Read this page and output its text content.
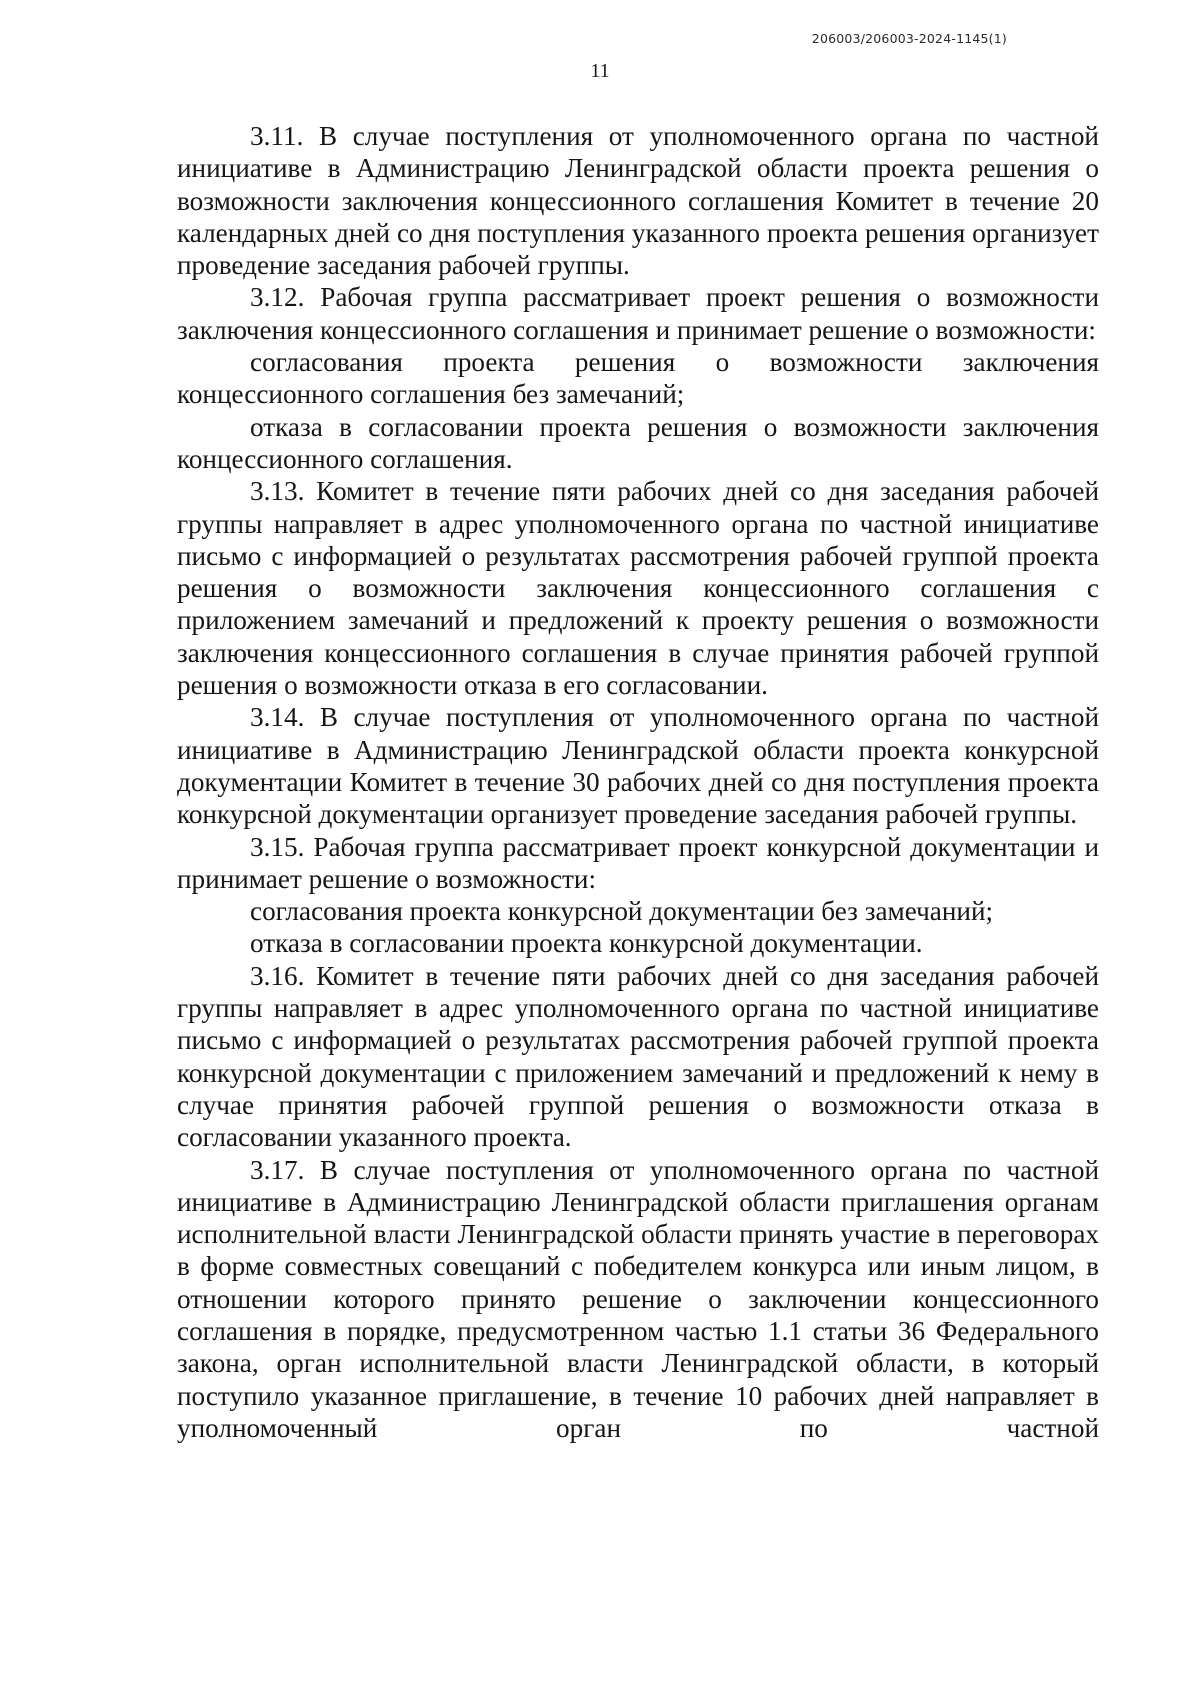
206003/206003-2024-1145(1)
11

3.11. В случае поступления от уполномоченного органа по частной инициативе в Администрацию Ленинградской области проекта решения о возможности заключения концессионного соглашения Комитет в течение 20 календарных дней со дня поступления указанного проекта решения организует проведение заседания рабочей группы.

3.12. Рабочая группа рассматривает проект решения о возможности заключения концессионного соглашения и принимает решение о возможности:

согласования проекта решения о возможности заключения концессионного соглашения без замечаний;

отказа в согласовании проекта решения о возможности заключения концессионного соглашения.

3.13. Комитет в течение пяти рабочих дней со дня заседания рабочей группы направляет в адрес уполномоченного органа по частной инициативе письмо с информацией о результатах рассмотрения рабочей группой проекта решения о возможности заключения концессионного соглашения с приложением замечаний и предложений к проекту решения о возможности заключения концессионного соглашения в случае принятия рабочей группой решения о возможности отказа в его согласовании.

3.14. В случае поступления от уполномоченного органа по частной инициативе в Администрацию Ленинградской области проекта конкурсной документации Комитет в течение 30 рабочих дней со дня поступления проекта конкурсной документации организует проведение заседания рабочей группы.

3.15. Рабочая группа рассматривает проект конкурсной документации и принимает решение о возможности:

согласования проекта конкурсной документации без замечаний;

отказа в согласовании проекта конкурсной документации.

3.16. Комитет в течение пяти рабочих дней со дня заседания рабочей группы направляет в адрес уполномоченного органа по частной инициативе письмо с информацией о результатах рассмотрения рабочей группой проекта конкурсной документации с приложением замечаний и предложений к нему в случае принятия рабочей группой решения о возможности отказа в согласовании указанного проекта.

3.17. В случае поступления от уполномоченного органа по частной инициативе в Администрацию Ленинградской области приглашения органам исполнительной власти Ленинградской области принять участие в переговорах в форме совместных совещаний с победителем конкурса или иным лицом, в отношении которого принято решение о заключении концессионного соглашения в порядке, предусмотренном частью 1.1 статьи 36 Федерального закона, орган исполнительной власти Ленинградской области, в который поступило указанное приглашение, в течение 10 рабочих дней направляет в уполномоченный орган по частной
